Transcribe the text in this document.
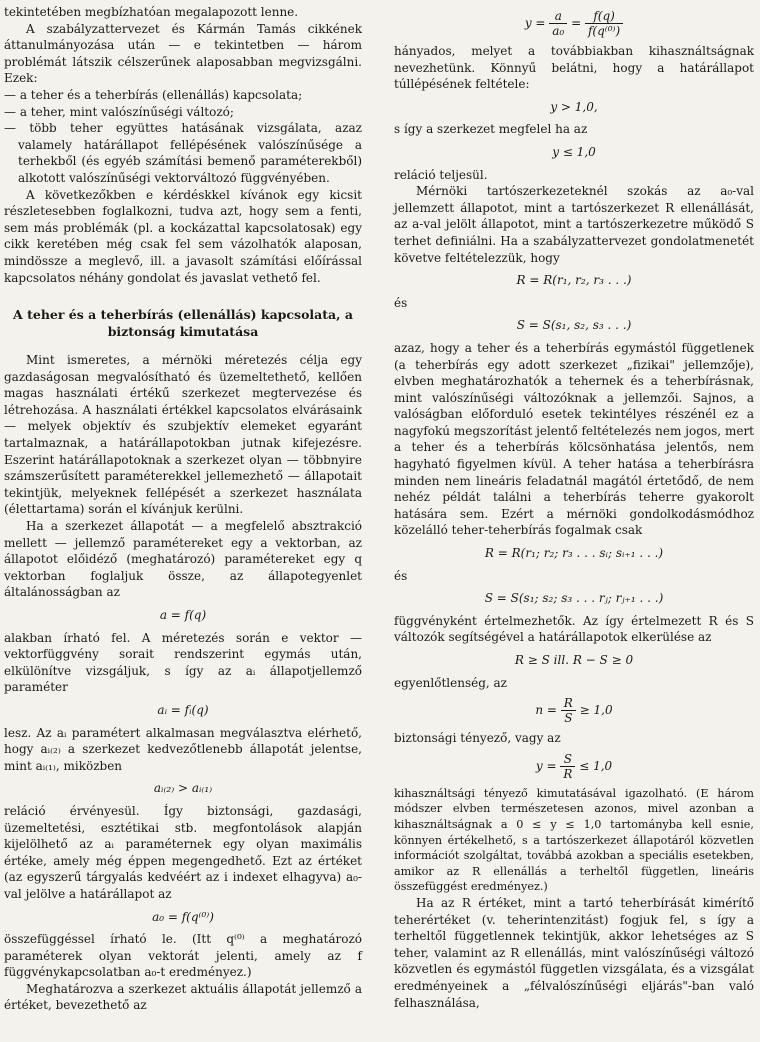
tekintetében megbízhatóan megalapozott lenne.

A szabályzattervezet és Kármán Tamás cikkének áttanulmányozása után — e tekintetben — három problémát látszik célszerűnek alaposabban megvizsgálni. Ezek:

— a teher és a teherbírás (ellenállás) kapcsolata;

— a teher, mint valószínűségi változó;

— több teher együttes hatásának vizsgálata, azaz valamely határállapot fellépésének valószínűsége a terhekből (és egyéb számítási bemenő paraméterekből) alkotott valószínűségi vektorváltozó függvényében.

A következőkben e kérdéskkel kívánok egy kicsit részletesebben foglalkozni, tudva azt, hogy sem a fenti, sem más problémák (pl. a kockázattal kapcsolatosak) egy cikk keretében még csak fel sem vázolhatók alaposan, mindössze a meglevő, ill. a javasolt számítási előírással kapcsolatos néhány gondolat és javaslat vethető fel.

A teher és a teherbírás (ellenállás) kapcsolata, a biztonság kimutatása

Mint ismeretes, a mérnöki méretezés célja egy gazdaságosan megvalósítható és üzemeltethető, kellően magas használati értékű szerkezet megtervezése és létrehozása. A használati értékkel kapcsolatos elvárásaink — melyek objektív és szubjektív elemeket egyaránt tartalmaznak, a határállapotokban jutnak kifejezésre. Eszerint határállapotoknak a szerkezet olyan — többnyire számszerűsített paraméterekkel jellemezhető — állapotait tekintjük, melyeknek fellépését a szerkezet használata (élettartama) során el kívánjuk kerülni.

Ha a szerkezet állapotát — a megfelelő absztrakció mellett — jellemző paramétereket egy a vektorban, az állapotot előidéző (meghatározó) paramétereket egy q vektorban foglaljuk össze, az állapotegyenlet általánosságban az

a = f(q)

alakban írható fel. A méretezés során e vektor — vektorfüggvény sorait rendszerint egymás után, elkülönítve vizsgáljuk, s így az aᵢ állapotjellemző paraméter

aᵢ = fᵢ(q)

lesz. Az aᵢ paramétert alkalmasan megválasztva elérhető, hogy aᵢ₍₂₎ a szerkezet kedvezőtlenebb állapotát jelentse, mint aᵢ₍₁₎, miközben

aᵢ₍₂₎ > aᵢ₍₁₎

reláció érvényesül. Így biztonsági, gazdasági, üzemeltetési, esztétikai stb. megfontolások alapján kijelölhető az aᵢ paraméternek egy olyan maximális értéke, amely még éppen megengedhető. Ezt az értéket (az egyszerű tárgyalás kedvéért az i indexet elhagyva) a₀-val jelölve a határállapot az

a₀ = f(q⁽⁰⁾)

összefüggéssel írható le. (Itt q⁽⁰⁾ a meghatározó paraméterek olyan vektorát jelenti, amely az f függvénykapcsolatban a₀-t eredményez.)

Meghatározva a szerkezet aktuális állapotát jellemző a értéket, bevezethető az

$y = \frac{a}{\text{a₀}} = \frac{f(q)}{\text{f(q⁽⁰⁾)}}$

hányados, melyet a továbbiakban kihasználtságnak nevezhetünk. Könnyű belátni, hogy a határállapot túllépésének feltétele:

y > 1,0,

s így a szerkezet megfelel ha az

y ≤ 1,0

reláció teljesül.

Mérnöki tartószerkezeteknél szokás az a₀-val jellemzett állapotot, mint a tartószerkezet R ellenállását, az a-val jelölt állapotot, mint a tartószerkezetre működő S terhet definiálni. Ha a szabályzattervezet gondolatmenetét követve feltételezzük, hogy

R = R(r₁, r₂, r₃ . . .)

és

S = S(s₁, s₂, s₃ . . .)

azaz, hogy a teher és a teherbírás egymástól függetlenek (a teherbírás egy adott szerkezet „fizikai" jellemzője), elvben meghatározhatók a tehernek és a teherbírásnak, mint valószínűségi változóknak a jellemzői. Sajnos, a valóságban előforduló esetek tekintélyes részénél ez a nagyfokú megszorítást jelentő feltételezés nem jogos, mert a teher és a teherbírás kölcsönhatása jelentős, nem hagyható figyelmen kívül. A teher hatása a teherbírásra minden nem lineáris feladatnál magától értetődő, de nem nehéz példát találni a teherbírás teherre gyakorolt hatására sem. Ezért a mérnöki gondolkodásmódhoz közelálló teher-teherbírás fogalmak csak

R = R(r₁; r₂; r₃ . . . sᵢ; sᵢ₊₁ . . .)

és

S = S(s₁; s₂; s₃ . . . rⱼ; rⱼ₊₁ . . .)

függvényként értelmezhetők. Az így értelmezett R és S változók segítségével a határállapotok elkerülése az

R ≥ S ill. R − S ≥ 0

egyenlőtlenség, az

$n = \frac{R}{S} \ge 1,0$

biztonsági tényező, vagy az

$y = \frac{S}{R} \le 1,0$

kihasználtsági tényező kimutatásával igazolható. (E három módszer elvben természetesen azonos, mivel azonban a kihasználtságnak a 0 ≤ y ≤ 1,0 tartományba kell esnie, könnyen értékelhető, s a tartószerkezet állapotáról közvetlen információt szolgáltat, továbbá azokban a speciális esetekben, amikor az R ellenállás a terheltől független, lineáris összefüggést eredményez.)

Ha az R értéket, mint a tartó teherbírását kimérítő teherértéket (v. teherintenzitást) fogjuk fel, s így a terheltől függetlennek tekintjük, akkor lehetséges az S teher, valamint az R ellenállás, mint valószínűségi változó közvetlen és egymástól független vizsgálata, és a vizsgálat eredményeinek a „félvalószínűségi eljárás"-ban való felhasználása,
